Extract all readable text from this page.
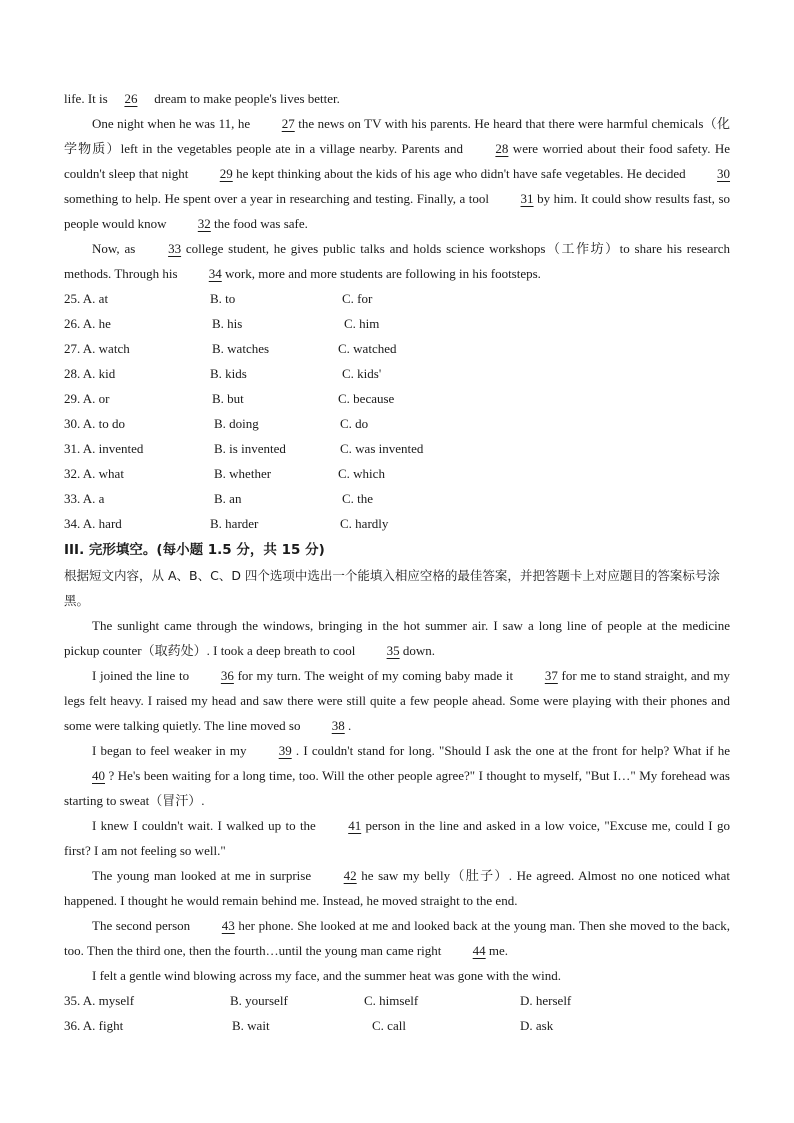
life. It is 26 dream to make people's lives better.
One night when he was 11, he 27 the news on TV with his parents. He heard that there were harmful chemicals（化学物质）left in the vegetables people ate in a village nearby. Parents and 28 were worried about their food safety. He couldn't sleep that night 29 he kept thinking about the kids of his age who didn't have safe vegetables. He decided 30 something to help. He spent over a year in researching and testing. Finally, a tool 31 by him. It could show results fast, so people would know 32 the food was safe.
Now, as 33 college student, he gives public talks and holds science workshops（工作坊）to share his research methods. Through his 34 work, more and more students are following in his footsteps.
25. A. at	B. to	C. for
26. A. he	B. his	C. him
27. A. watch	B. watches	C. watched
28. A. kid	B. kids	C. kids'
29. A. or	B. but	C. because
30. A. to do	B. doing	C. do
31. A. invented	B. is invented	C. was invented
32. A. what	B. whether	C. which
33. A. a	B. an	C. the
34. A. hard	B. harder	C. hardly
III. 完形填空。(每小题 1.5 分，共 15 分)
根据短文内容，从 A、B、C、D 四个选项中选出一个能填入相应空格的最佳答案，并把答题卡上对应题目的答案标号涂黑。
The sunlight came through the windows, bringing in the hot summer air. I saw a long line of people at the medicine pickup counter（取药处）. I took a deep breath to cool 35 down.
I joined the line to 36 for my turn. The weight of my coming baby made it 37 for me to stand straight, and my legs felt heavy. I raised my head and saw there were still quite a few people ahead. Some were playing with their phones and some were talking quietly. The line moved so 38 .
I began to feel weaker in my 39 . I couldn't stand for long. "Should I ask the one at the front for help? What if he 40 ? He's been waiting for a long time, too. Will the other people agree?" I thought to myself, "But I…" My forehead was starting to sweat（冒汗）.
I knew I couldn't wait. I walked up to the 41 person in the line and asked in a low voice, "Excuse me, could I go first? I am not feeling so well."
The young man looked at me in surprise 42 he saw my belly（肚子）. He agreed. Almost no one noticed what happened. I thought he would remain behind me. Instead, he moved straight to the end.
The second person 43 her phone. She looked at me and looked back at the young man. Then she moved to the back, too. Then the third one, then the fourth…until the young man came right 44 me.
I felt a gentle wind blowing across my face, and the summer heat was gone with the wind.
35. A. myself	B. yourself	C. himself	D. herself
36. A. fight	B. wait	C. call	D. ask
